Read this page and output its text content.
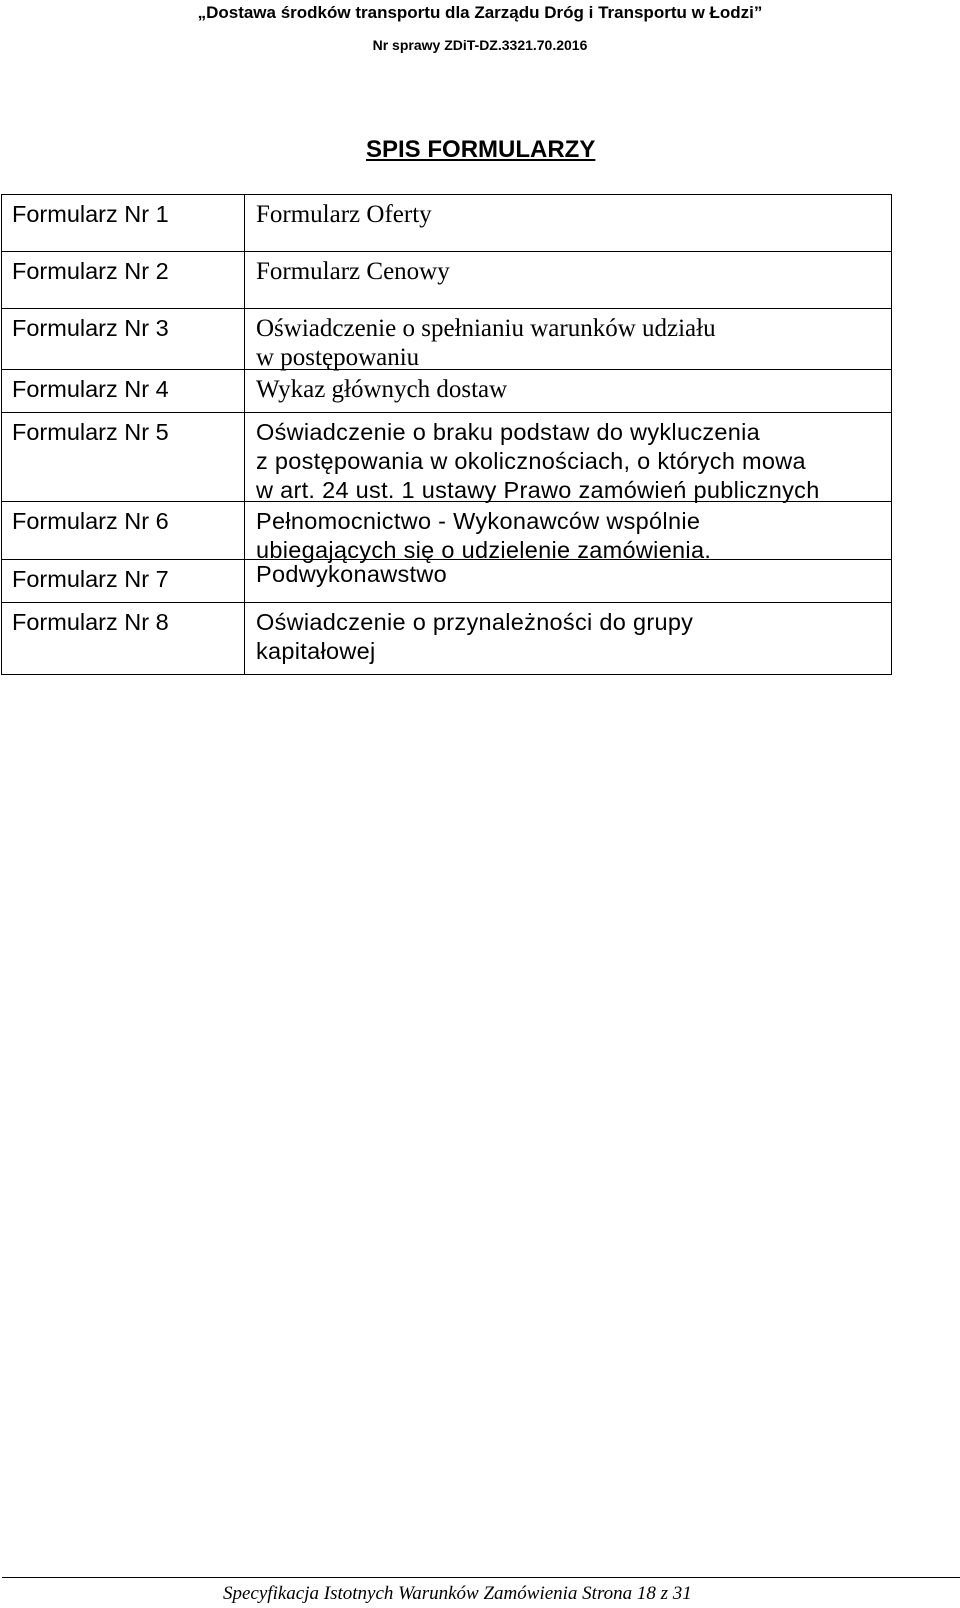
„Dostawa środków transportu dla Zarządu Dróg i Transportu w Łodzi”
Nr sprawy ZDiT-DZ.3321.70.2016
SPIS FORMULARZY
Formularz Nr 1	Formularz Oferty
Formularz Nr 2	Formularz Cenowy
Formularz Nr 3	Oświadczenie o spełnianiu warunków udziału
w postępowaniu
Formularz Nr 4	Wykaz głównych dostaw
Formularz Nr 5	Oświadczenie o braku podstaw do wykluczenia
z postępowania w okolicznościach, o których mowa
w art. 24 ust. 1 ustawy Prawo zamówień publicznych
Formularz Nr 6	Pełnomocnictwo - Wykonawców wspólnie
ubiegających się o udzielenie zamówienia.
Formularz Nr 7	Podwykonawstwo
Formularz Nr 8	Oświadczenie o przynależności do grupy
kapitałowej
Specyfikacja Istotnych Warunków Zamówienia Strona 18 z 31
